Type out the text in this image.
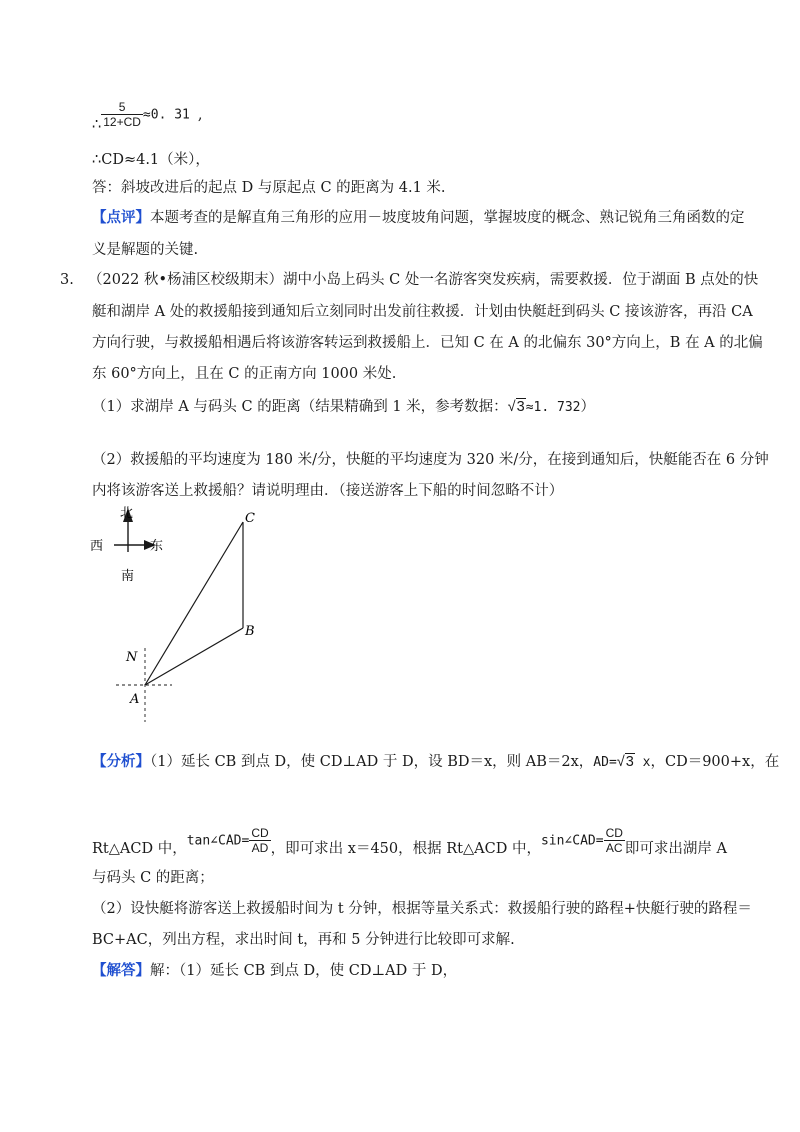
∴ $\frac{5}{12+CD} \approx 0$. 31 ,
∴CD≈4.1（米），
答：斜坡改进后的起点 D 与原起点 C 的距离为 4.1 米.
【点评】本题考查的是解直角三角形的应用－坡度坡角问题，掌握坡度的概念、熟记锐角三角函数的定
义是解题的关键.
3. （2022 秋•杨浦区校级期末）湖中小岛上码头 C 处一名游客突发疾病，需要救援．位于湖面 B 点处的快
艇和湖岸 A 处的救援船接到通知后立刻同时出发前往救援．计划由快艇赶到码头 C 接该游客，再沿 CA
方向行驶，与救援船相遇后将该游客转运到救援船上．已知 C 在 A 的北偏东 30°方向上，B 在 A 的北偏
东 60°方向上，且在 C 的正南方向 1000 米处.
（1）求湖岸 A 与码头 C 的距离（结果精确到 1 米，参考数据：√3≈1. 732）
（2）救援船的平均速度为 180 米/分，快艇的平均速度为 320 米/分，在接到通知后，快艇能否在 6 分钟
内将该游客送上救援船？请说明理由．（接送游客上下船的时间忽略不计）
北
西	东
南
C
B
N
A
【分析】（1）延长 CB 到点 D，使 CD⊥AD 于 D，设 BD＝x，则 AB＝2x，AD=√3 x，CD＝900+x，在
Rt△ACD 中，tan∠CAD= $\frac{CD}{AD}$ ，即可求出 x＝450，根据 Rt△ACD 中，sin∠CAD= $\frac{CD}{AC}$ 即可求出湖岸 A
与码头 C 的距离；
（2）设快艇将游客送上救援船时间为 t 分钟，根据等量关系式：救援船行驶的路程+快艇行驶的路程＝
BC+AC，列出方程，求出时间 t，再和 5 分钟进行比较即可求解.
【解答】解：（1）延长 CB 到点 D，使 CD⊥AD 于 D，
